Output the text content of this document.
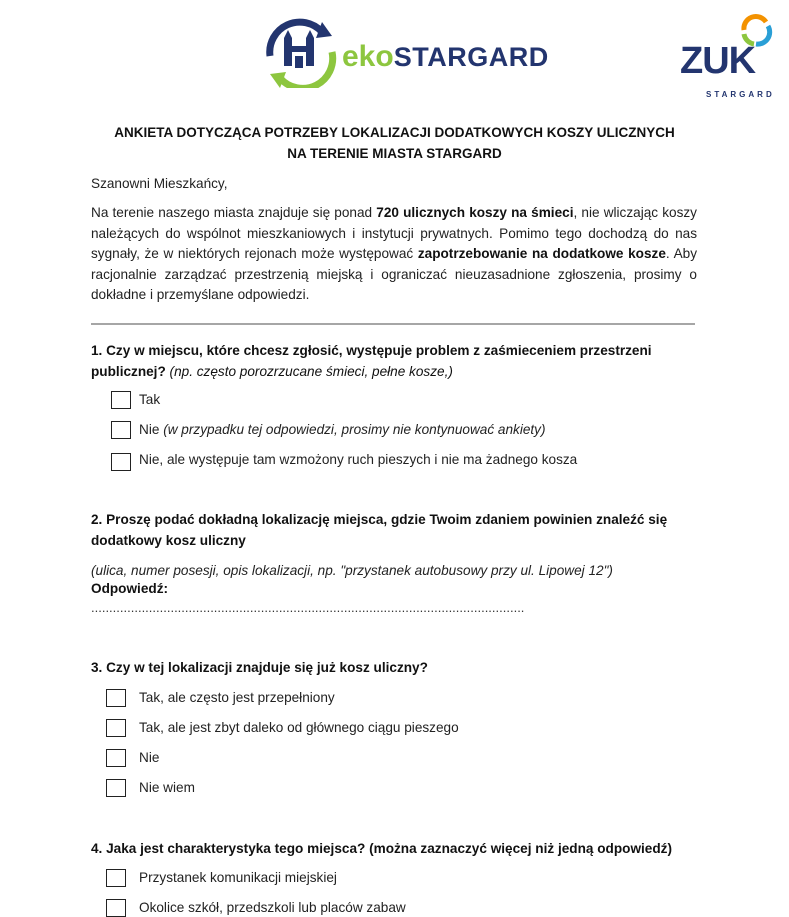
ekoSTARGARD	ZUK
STARGARD
ANKIETA DOTYCZĄCA POTRZEBY LOKALIZACJI DODATKOWYCH KOSZY ULICZNYCH
NA TERENIE MIASTA STARGARD
Szanowni Mieszkańcy,
Na terenie naszego miasta znajduje się ponad 720 ulicznych koszy na śmieci, nie wliczając koszy należących do wspólnot mieszkaniowych i instytucji prywatnych. Pomimo tego dochodzą do nas sygnały, że w niektórych rejonach może występować zapotrzebowanie na dodatkowe kosze. Aby racjonalnie zarządzać przestrzenią miejską i ograniczać nieuzasadnione zgłoszenia, prosimy o dokładne i przemyślane odpowiedzi.
1. Czy w miejscu, które chcesz zgłosić, występuje problem z zaśmieceniem przestrzeni publicznej? (np. często porozrzucane śmieci, pełne kosze,)
Tak
Nie (w przypadku tej odpowiedzi, prosimy nie kontynuować ankiety)
Nie, ale występuje tam wzmożony ruch pieszych i nie ma żadnego kosza
2. Proszę podać dokładną lokalizację miejsca, gdzie Twoim zdaniem powinien znaleźć się dodatkowy kosz uliczny
(ulica, numer posesji, opis lokalizacji, np. "przystanek autobusowy przy ul. Lipowej 12")
Odpowiedź:
........................................................................................................................
3. Czy w tej lokalizacji znajduje się już kosz uliczny?
Tak, ale często jest przepełniony
Tak, ale jest zbyt daleko od głównego ciągu pieszego
Nie
Nie wiem
4. Jaka jest charakterystyka tego miejsca? (można zaznaczyć więcej niż jedną odpowiedź)
Przystanek komunikacji miejskiej
Okolice szkół, przedszkoli lub placów zabaw
